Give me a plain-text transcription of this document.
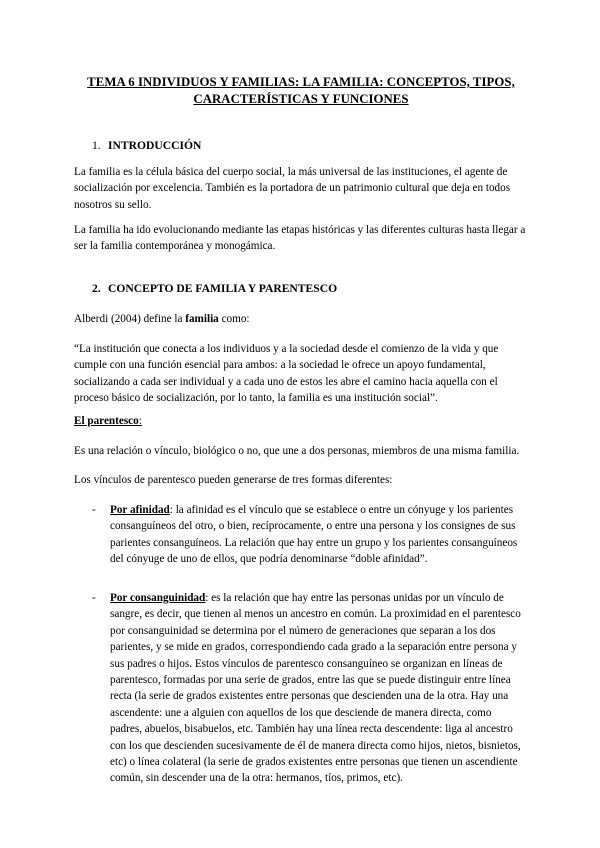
TEMA 6 INDIVIDUOS Y FAMILIAS: LA FAMILIA: CONCEPTOS, TIPOS, CARACTERÍSTICAS Y FUNCIONES
1. INTRODUCCIÓN
La familia es la célula básica del cuerpo social, la más universal de las instituciones, el agente de socialización por excelencia. También es la portadora de un patrimonio cultural que deja en todos nosotros su sello.
La familia ha ido evolucionando mediante las etapas históricas y las diferentes culturas hasta llegar a ser la familia contemporánea y monogámica.
2. CONCEPTO DE FAMILIA Y PARENTESCO
Alberdi (2004) define la familia como:
“La institución que conecta a los individuos y a la sociedad desde el comienzo de la vida y que cumple con una función esencial para ambos: a la sociedad le ofrece un apoyo fundamental, socializando a cada ser individual y a cada uno de estos les abre el camino hacia aquella con el proceso básico de socialización, por lo tanto, la familia es una institución social”.
El parentesco:
Es una relación o vínculo, biológico o no, que une a dos personas, miembros de una misma familia.
Los vínculos de parentesco pueden generarse de tres formas diferentes:
- Por afinidad: la afinidad es el vínculo que se establece o entre un cónyuge y los parientes consanguíneos del otro, o bien, recíprocamente, o entre una persona y los consignes de sus parientes consanguíneos. La relación que hay entre un grupo y los parientes consanguíneos del cónyuge de uno de ellos, que podría denominarse “doble afinidad”.
- Por consanguinidad: es la relación que hay entre las personas unidas por un vínculo de sangre, es decir, que tienen al menos un ancestro en común. La proximidad en el parentesco por consanguinidad se determina por el número de generaciones que separan a los dos parientes, y se mide en grados, correspondiendo cada grado a la separación entre persona y sus padres o hijos. Estos vínculos de parentesco consanguíneo se organizan en líneas de parentesco, formadas por una serie de grados, entre las que se puede distinguir entre línea recta (la serie de grados existentes entre personas que descienden una de la otra. Hay una ascendente: une a alguien con aquellos de los que desciende de manera directa, como padres, abuelos, bisabuelos, etc. También hay una línea recta descendente: liga al ancestro con los que descienden sucesivamente de él de manera directa como hijos, nietos, bisnietos, etc) o línea colateral (la serie de grados existentes entre personas que tienen un ascendiente común, sin descender una de la otra: hermanos, tíos, primos, etc).
